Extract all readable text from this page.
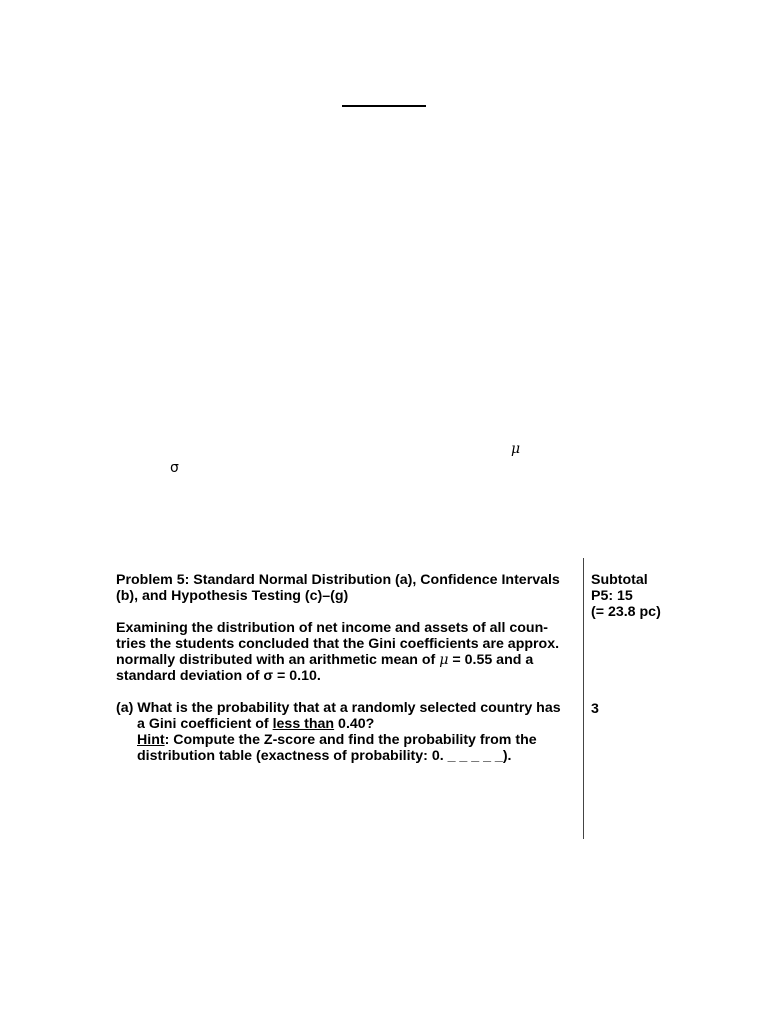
μ
σ
Problem 5: Standard Normal Distribution (a), Confidence Intervals
(b), and Hypothesis Testing (c)–(g)
Examining the distribution of net income and assets of all coun-
tries the students concluded that the Gini coefficients are approx.
normally distributed with an arithmetic mean of μ = 0.55 and a
standard deviation of σ = 0.10.
(a) What is the probability that at a randomly selected country has
a Gini coefficient of less than 0.40?
Hint: Compute the Z-score and find the probability from the
distribution table (exactness of probability: 0. _ _ _ _ _).
Subtotal
P5: 15
(= 23.8 pc)
3
